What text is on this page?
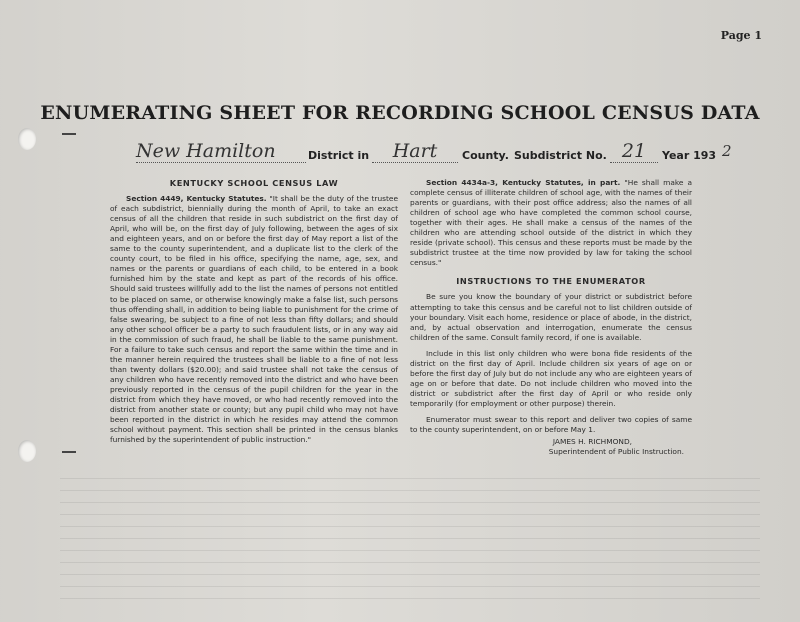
Page 1
ENUMERATING SHEET FOR RECORDING SCHOOL CENSUS DATA
New Hamilton	District in	Hart	County. Subdistrict No. 21	Year 193 2
KENTUCKY SCHOOL CENSUS LAW

Section 4449, Kentucky Statutes. "It shall be the duty of the trustee of each subdistrict, biennially during the month of April, to take an exact census of all the children that reside in such subdistrict on the first day of April, who will be, on the first day of July following, between the ages of six and eighteen years, and on or before the first day of May report a list of the same to the county superintendent, and a duplicate list to the clerk of the county court, to be filed in his office, specifying the name, age, sex, and names or the parents or guardians of each child, to be entered in a book furnished him by the state and kept as part of the records of his office. Should said trustees willfully add to the list the names of persons not entitled to be placed on same, or otherwise knowingly make a false list, such persons thus offending shall, in addition to being liable to punishment for the crime of false swearing, be subject to a fine of not less than fifty dollars; and should any other school officer be a party to such fraudulent lists, or in any way aid in the commission of such fraud, he shall be liable to the same punishment. For a failure to take such census and report the same within the time and in the manner herein required the trustees shall be liable to a fine of not less than twenty dollars ($20.00); and said trustee shall not take the census of any children who have recently removed into the district and who have been previously reported in the census of the pupil children for the year in the district from which they have moved, or who had recently removed into the district from another state or county; but any pupil child who may not have been reported in the district in which he resides may attend the common school without payment. This section shall be printed in the census blanks furnished by the superintendent of public instruction."

Section 4434a-3, Kentucky Statutes, in part. "He shall make a complete census of illiterate children of school age, with the names of their parents or guardians, with their post office address; also the names of all children of school age who have completed the common school course, together with their ages. He shall make a census of the names of the children who are attending school outside of the district in which they reside (private school). This census and these reports must be made by the subdistrict trustee at the time now provided by law for taking the school census."

INSTRUCTIONS TO THE ENUMERATOR

Be sure you know the boundary of your district or subdistrict before attempting to take this census and be careful not to list children outside of your boundary. Visit each home, residence or place of abode, in the district, and, by actual observation and interrogation, enumerate the census children of the same. Consult family record, if one is available.

Include in this list only children who were bona fide residents of the district on the first day of April. Include children six years of age on or before the first day of July but do not include any who are eighteen years of age on or before that date. Do not include children who moved into the district or subdistrict after the first day of April or who reside only temporarily (for employment or other purpose) therein.

Enumerator must swear to this report and deliver two copies of same to the county superintendent, on or before May 1.

JAMES H. RICHMOND,
Superintendent of Public Instruction.
